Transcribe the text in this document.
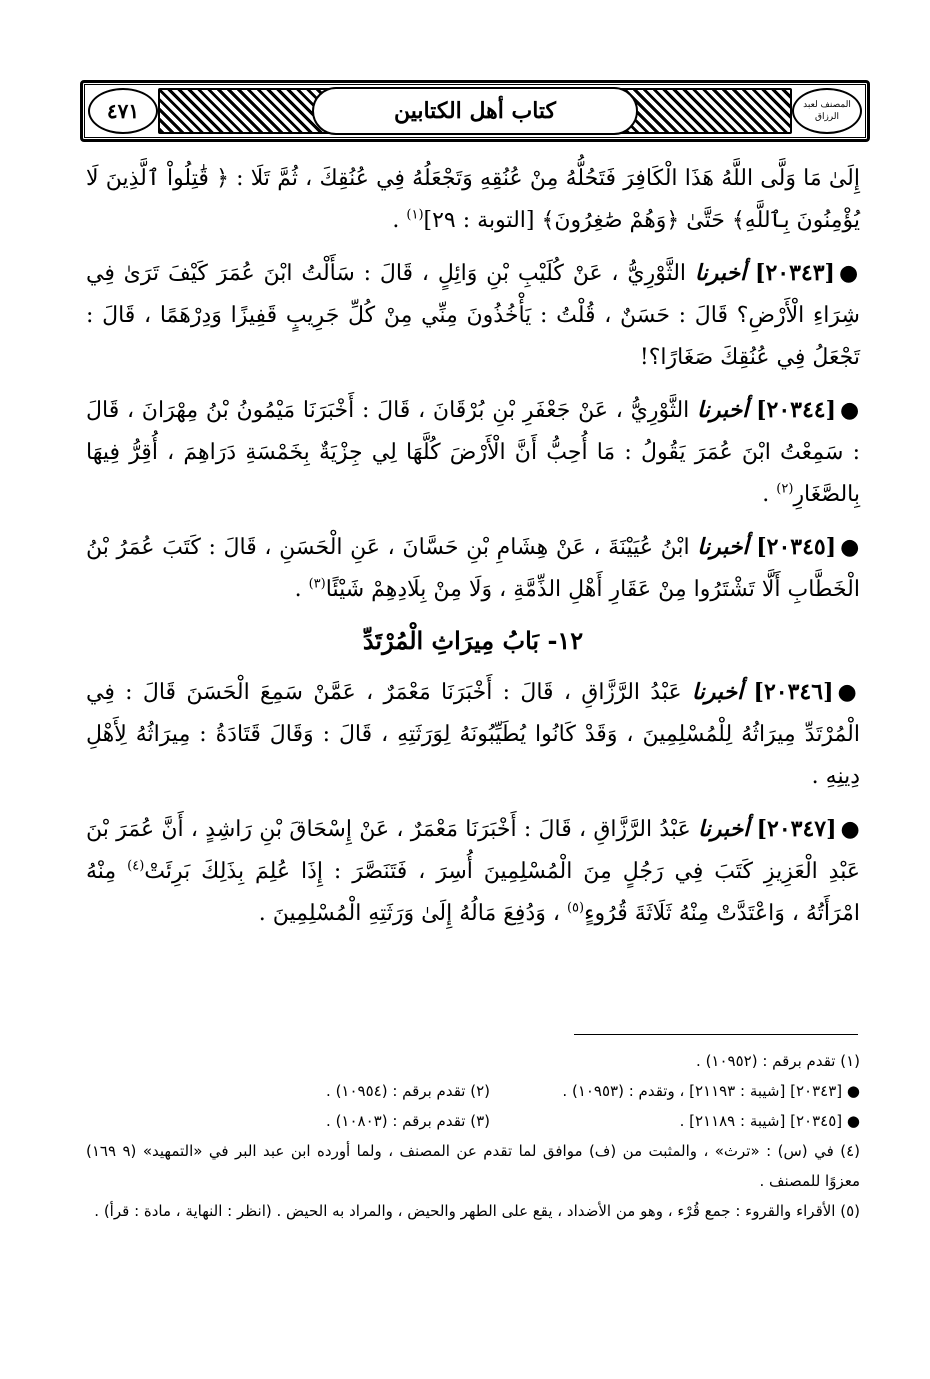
٤٧١	كتاب أهل الكتابين	المصنف لعبد الرزاق

إِلَىٰ مَا وَلَّى اللَّهُ هَذَا الْكَافِرَ فَتَحُلُّهُ مِنْ عُنُقِهِ وَتَجْعَلُهُ فِي عُنُقِكَ ، ثُمَّ تَلَا : ﴿ قَٰتِلُواْ ٱلَّذِينَ لَا يُؤْمِنُونَ بِٱللَّهِ﴾ حَتَّىٰ ﴿وَهُمْ صَٰغِرُونَ﴾ [التوبة : ٢٩]$^{(١)}$ .

●[٢٠٣٤٣] أخبرنا الثَّوْرِيُّ ، عَنْ كُلَيْبِ بْنِ وَائِلٍ ، قَالَ : سَأَلْتُ ابْنَ عُمَرَ كَيْفَ تَرَىٰ فِي شِرَاءِ الْأَرْضِ؟ قَالَ : حَسَنٌ ، قُلْتُ : يَأْخُذُونَ مِنِّي مِنْ كُلِّ جَرِيبٍ قَفِيزًا وَدِرْهَمًا ، قَالَ : تَجْعَلُ فِي عُنُقِكَ صَغَارًا؟!

●[٢٠٣٤٤] أخبرنا الثَّوْرِيُّ ، عَنْ جَعْفَرِ بْنِ بُرْقَانَ ، قَالَ : أَخْبَرَنَا مَيْمُونُ بْنُ مِهْرَانَ ، قَالَ : سَمِعْتُ ابْنَ عُمَرَ يَقُولُ : مَا أُحِبُّ أَنَّ الْأَرْضَ كُلَّهَا لِي جِزْيَةٌ بِخَمْسَةِ دَرَاهِمَ ، أُقِرُّ فِيهَا بِالصَّغَارِ$^{(٢)}$ .

●[٢٠٣٤٥] أخبرنا ابْنُ عُيَيْنَةَ ، عَنْ هِشَامِ بْنِ حَسَّانَ ، عَنِ الْحَسَنِ ، قَالَ : كَتَبَ عُمَرُ بْنُ الْخَطَّابِ أَلَّا تَشْتَرُوا مِنْ عَقَارِ أَهْلِ الذِّمَّةِ ، وَلَا مِنْ بِلَادِهِمْ شَيْئًا$^{(٣)}$ .

١٢- بَابُ مِيرَاثِ الْمُرْتَدِّ

●[٢٠٣٤٦] أخبرنا عَبْدُ الرَّزَّاقِ ، قَالَ : أَخْبَرَنَا مَعْمَرٌ ، عَمَّنْ سَمِعَ الْحَسَنَ قَالَ : فِي الْمُرْتَدِّ مِيرَاثُهُ لِلْمُسْلِمِينَ ، وَقَدْ كَانُوا يُطَيِّبُونَهُ لِوَرَثَتِهِ ، قَالَ : وَقَالَ قَتَادَةُ : مِيرَاثُهُ لِأَهْلِ دِينِهِ .

●[٢٠٣٤٧] أخبرنا عَبْدُ الرَّزَّاقِ ، قَالَ : أَخْبَرَنَا مَعْمَرٌ ، عَنْ إِسْحَاقَ بْنِ رَاشِدٍ ، أَنَّ عُمَرَ بْنَ عَبْدِ الْعَزِيزِ كَتَبَ فِي رَجُلٍ مِنَ الْمُسْلِمِينَ أُسِرَ ، فَتَنَصَّرَ : إِذَا عُلِمَ بِذَلِكَ بَرِئَتْ$^{(٤)}$ مِنْهُ امْرَأَتُهُ ، وَاعْتَدَّتْ مِنْهُ ثَلَاثَةَ قُرُوءٍ$^{(٥)}$ ، وَدُفِعَ مَالُهُ إِلَىٰ وَرَثَتِهِ الْمُسْلِمِينَ .

(١) تقدم برقم : (١٠٩٥٢) .
● [٢٠٣٤٣] [شيبة : ٢١١٩٣] ، وتقدم : (١٠٩٥٣) .
(٢) تقدم برقم : (١٠٩٥٤) .
● [٢٠٣٤٥] [شيبة : ٢١١٨٩] .
(٣) تقدم برقم : (١٠٨٠٣) .
(٤) في (س) : «ترث» ، والمثبت من (ف) موافق لما تقدم عن المصنف ، ولما أورده ابن عبد البر في «التمهيد» (٩ ١٦٩) معزوًا للمصنف .
(٥) الأقراء والقروء : جمع قُرْء ، وهو من الأضداد ، يقع على الطهر والحيض ، والمراد به الحيض . (انظر : النهاية ، مادة : قرأ) .
